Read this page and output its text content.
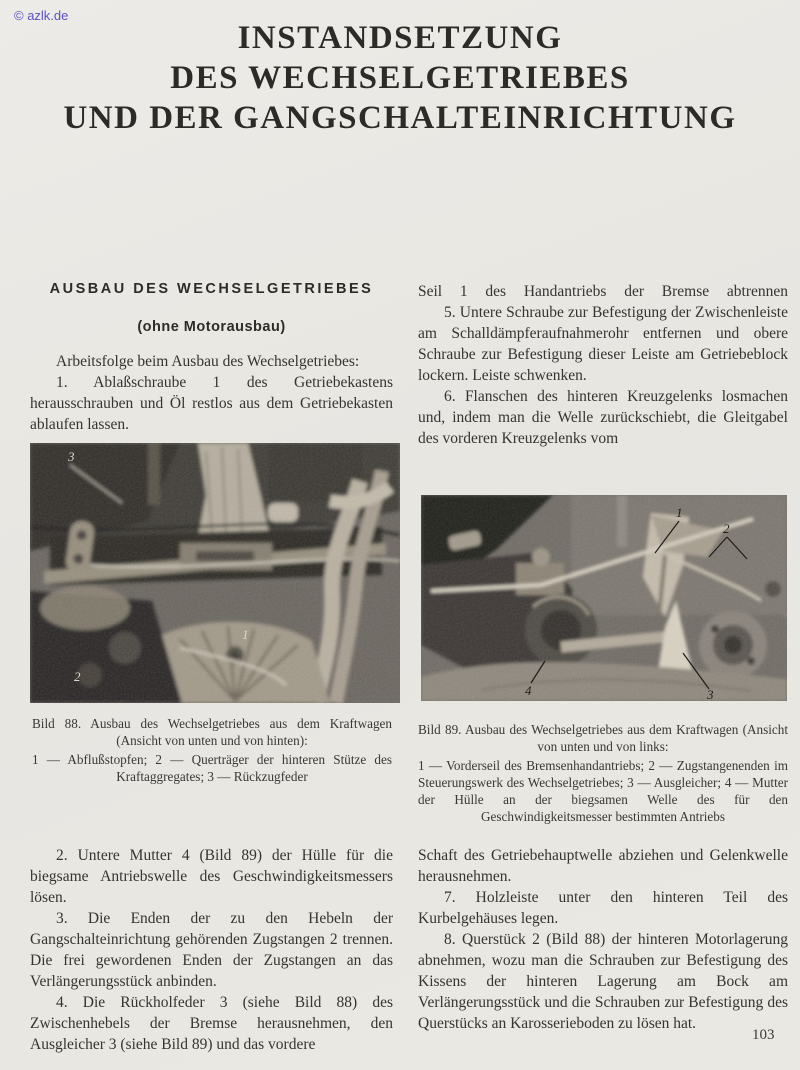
© azlk.de
INSTANDSETZUNG
DES WECHSELGETRIEBES
UND DER GANGSCHALTEINRICHTUNG
AUSBAU DES WECHSELGETRIEBES
(ohne Motorausbau)

Arbeitsfolge beim Ausbau des Wechselgetriebes:

1. Ablaßschraube 1 des Getriebekastens herausschrauben und Öl restlos aus dem Getriebekasten ablaufen lassen.

Seil 1 des Handantriebs der Bremse abtrennen

5. Untere Schraube zur Befestigung der Zwischenleiste am Schalldämpferaufnahmerohr entfernen und obere Schraube zur Befestigung dieser Leiste am Getriebeblock lockern. Leiste schwenken.

6. Flanschen des hinteren Kreuzgelenks losmachen und, indem man die Welle zurückschiebt, die Gleitgabel des vorderen Kreuzgelenks vom

3
2
1

Bild 88. Ausbau des Wechselgetriebes aus dem Kraftwagen (Ansicht von unten und von hinten):

1 — Abflußstopfen; 2 — Querträger der hinteren Stütze des Kraftaggregates; 3 — Rückzugfeder

1
2
3
4

Bild 89. Ausbau des Wechselgetriebes aus dem Kraftwagen (Ansicht von unten und von links:

1 — Vorderseil des Bremsenhandantriebs; 2 — Zugstangenenden im Steuerungswerk des Wechselgetriebes; 3 — Ausgleicher; 4 — Mutter der Hülle an der biegsamen Welle des für den Geschwindigkeitsmesser bestimmten Antriebs

2. Untere Mutter 4 (Bild 89) der Hülle für die biegsame Antriebswelle des Geschwindigkeitsmessers lösen.

3. Die Enden der zu den Hebeln der Gangschalteinrichtung gehörenden Zugstangen 2 trennen. Die frei gewordenen Enden der Zugstangen an das Verlängerungsstück anbinden.

4. Die Rückholfeder 3 (siehe Bild 88) des Zwischenhebels der Bremse herausnehmen, den Ausgleicher 3 (siehe Bild 89) und das vordere

Schaft des Getriebehauptwelle abziehen und Gelenkwelle herausnehmen.

7. Holzleiste unter den hinteren Teil des Kurbelgehäuses legen.

8. Querstück 2 (Bild 88) der hinteren Motorlagerung abnehmen, wozu man die Schrauben zur Befestigung des Kissens der hinteren Lagerung am Bock am Verlängerungsstück und die Schrauben zur Befestigung des Querstücks an Karosserieboden zu lösen hat.

103
